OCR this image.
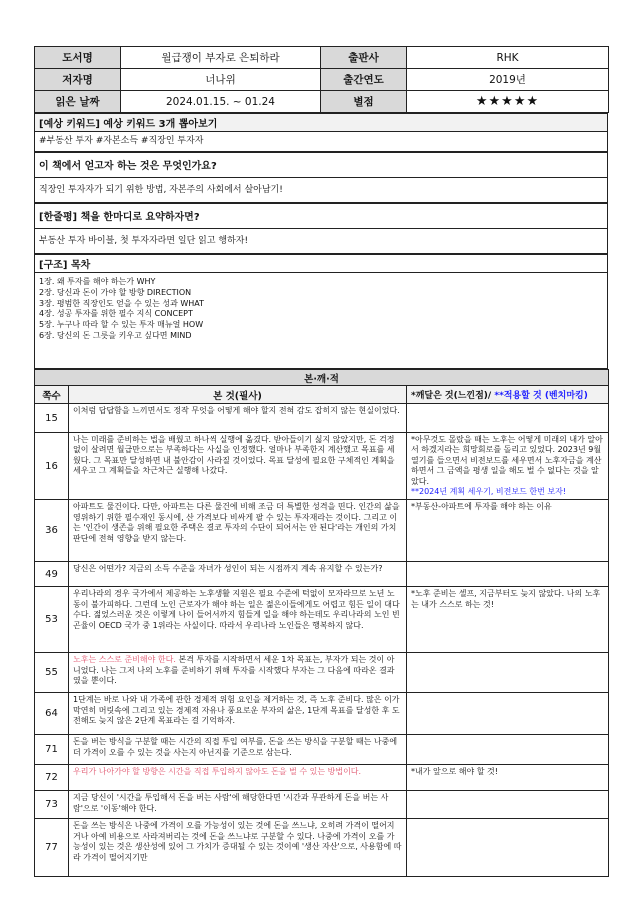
도서명	월급쟁이 부자로 은퇴하라	출판사	RHK
저자명	너나위	출간연도	2019년
읽은 날짜	2024.01.15. ~ 01.24	별점	★★★★★
[예상 키워드] 예상 키워드 3개 뽑아보기
#부동산 투자 #자본소득 #직장인 투자자
이 책에서 얻고자 하는 것은 무엇인가요?
직장인 투자자가 되기 위한 방법, 자본주의 사회에서 살아남기!
[한줄평] 책을 한마디로 요약하자면?
부동산 투자 바이블, 첫 투자자라면 일단 읽고 행하자!
[구조] 목차

1장. 왜 투자를 해야 하는가 WHY
2장. 당신과 돈이 가야 할 방향 DIRECTION
3장. 평범한 직장인도 얻을 수 있는 성과 WHAT
4장. 성공 투자를 위한 필수 지식 CONCEPT
5장. 누구나 따라 할 수 있는 투자 매뉴얼 HOW
6장. 당신의 돈 그릇을 키우고 싶다면 MIND
본·깨·적		
쪽수	본 것(필사)	*깨달은 것(느낀점)/ **적용할 것 (벤치마킹)
15	이처럼 답답함을 느끼면서도 정작 무엇을 어떻게 해야 할지 전혀 감도 잡히지 않는 현실이었다.	
16	나는 미래를 준비하는 법을 배웠고 하나씩 실행에 옮겼다. 받아들이기 싫지 않았지만, 돈 걱정 없이 살려면 월급만으로는 부족하다는 사실을 인정했다. 얼마나 부족한지 계산했고 목표를 세웠다. 그 목표만 달성하면 내 불안감이 사라질 것이었다. 목표 달성에 필요한 구체적인 계획을 세우고 그 계획들을 차근차근 실행해 나갔다.	*아무것도 몰랐을 때는 노후는 어떻게 미래의 내가 알아서 하겠지라는 희망회로를 돌리고 있었다. 2023년 9월 열기를 들으면서 비전보드를 세우면서 노후자금을 계산하면서 그 금액을 평생 일을 해도 벌 수 없다는 것을 알았다.
**2024년 계획 세우기, 비전보드 한번 보자!
36	아파트도 물건이다. 다만, 아파트는 다른 물건에 비해 조금 더 특별한 성격을 띤다. 인간의 삶을 영위하기 위한 필수재인 동시에, 산 가격보다 비싸게 팔 수 있는 투자재라는 것이다. 그리고 이는 '인간이 생존을 위해 필요한 주택은 결코 투자의 수단이 되어서는 안 된다'라는 개인의 가치판단에 전혀 영향을 받지 않는다.	*부동산-아파트에 투자를 해야 하는 이유
49	당신은 어떤가? 지금의 소득 수준을 자녀가 성인이 되는 시점까지 계속 유지할 수 있는가?	
53	우리나라의 경우 국가에서 제공하는 노후생활 지원은 필요 수준에 턱없이 모자라므로 노년 노동이 불가피하다. 그런데 노인 근로자가 해야 하는 일은 젊은이들에게도 어렵고 힘든 일이 대다수다. 젊었스러운 것은 이렇게 나이 들어서까지 힘들게 일을 해야 하는데도 우리나라의 노인 빈곤율이 OECD 국가 중 1위라는 사실이다. 따라서 우리나라 노인들은 행복하지 않다.	*노후 준비는 셀프, 지금부터도 늦지 않았다. 나의 노후는 내가 스스로 하는 것!
55	노후는 스스로 준비해야 한다. 본격 투자를 시작하면서 세운 1차 목표는, 부자가 되는 것이 아니었다. 나는 그저 나의 노후를 준비하기 위해 투자를 시작했다 부자는 그 다음에 따라온 결과였을 뿐이다.	
64	1단계는 바로 나와 내 가족에 관한 경제적 위험 요인을 제거하는 것, 즉 노후 준비다. 많은 이가 막연히 머릿속에 그리고 있는 경제적 자유나 풍요로운 부자의 삶은, 1단계 목표를 달성한 후 도전해도 늦지 않은 2단계 목표라는 걸 기억하자.	
71	돈을 버는 방식을 구분할 때는 시간의 직접 투입 여부를, 돈을 쓰는 방식을 구분할 때는 나중에 더 가격이 오를 수 있는 것을 사는지 아닌지를 기준으로 삼는다.	
72	우리가 나아가야 할 방향은 시간을 직접 투입하지 않아도 돈을 벌 수 있는 방법이다.	*내가 앞으로 해야 할 것!
73	지금 당신이 '시간을 투입해서 돈을 버는 사람'에 해당한다면 '시간과 무관하게 돈을 버는 사람'으로 '이동'해야 한다.	
77	돈을 쓰는 방식은 나중에 가격이 오를 가능성이 있는 것에 돈을 쓰느냐, 오히려 가격이 떨어지거나 아예 비용으로 사라져버리는 것에 돈을 쓰느냐로 구분할 수 있다. 나중에 가격이 오를 가능성이 있는 것은 생산성에 있어 그 가치가 증대될 수 있는 것이예 '생산 자산'으로, 사용함에 따라 가격이 떨어지기만	
